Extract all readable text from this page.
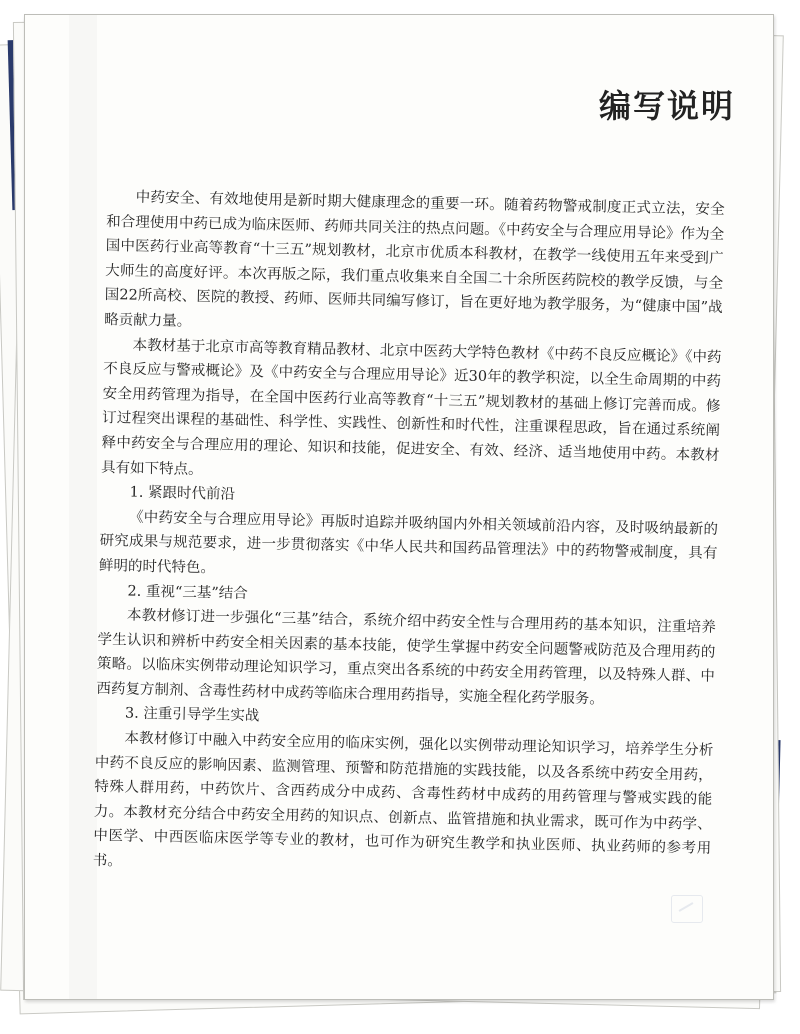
编写说明

中药安全、有效地使用是新时期大健康理念的重要一环。随着药物警戒制度正式立法，安全和合理使用中药已成为临床医师、药师共同关注的热点问题。《中药安全与合理应用导论》作为全国中医药行业高等教育“十三五”规划教材，北京市优质本科教材，在教学一线使用五年来受到广大师生的高度好评。本次再版之际，我们重点收集来自全国二十余所医药院校的教学反馈，与全国22所高校、医院的教授、药师、医师共同编写修订，旨在更好地为教学服务，为“健康中国”战略贡献力量。

本教材基于北京市高等教育精品教材、北京中医药大学特色教材《中药不良反应概论》《中药不良反应与警戒概论》及《中药安全与合理应用导论》近30年的教学积淀，以全生命周期的中药安全用药管理为指导，在全国中医药行业高等教育“十三五”规划教材的基础上修订完善而成。修订过程突出课程的基础性、科学性、实践性、创新性和时代性，注重课程思政，旨在通过系统阐释中药安全与合理应用的理论、知识和技能，促进安全、有效、经济、适当地使用中药。本教材具有如下特点。

1. 紧跟时代前沿

《中药安全与合理应用导论》再版时追踪并吸纳国内外相关领域前沿内容，及时吸纳最新的研究成果与规范要求，进一步贯彻落实《中华人民共和国药品管理法》中的药物警戒制度，具有鲜明的时代特色。

2. 重视“三基”结合

本教材修订进一步强化“三基”结合，系统介绍中药安全性与合理用药的基本知识，注重培养学生认识和辨析中药安全相关因素的基本技能，使学生掌握中药安全问题警戒防范及合理用药的策略。以临床实例带动理论知识学习，重点突出各系统的中药安全用药管理，以及特殊人群、中西药复方制剂、含毒性药材中成药等临床合理用药指导，实施全程化药学服务。

3. 注重引导学生实战

本教材修订中融入中药安全应用的临床实例，强化以实例带动理论知识学习，培养学生分析中药不良反应的影响因素、监测管理、预警和防范措施的实践技能，以及各系统中药安全用药，特殊人群用药，中药饮片、含西药成分中成药、含毒性药材中成药的用药管理与警戒实践的能力。本教材充分结合中药安全用药的知识点、创新点、监管措施和执业需求，既可作为中药学、中医学、中西医临床医学等专业的教材，也可作为研究生教学和执业医师、执业药师的参考用书。
